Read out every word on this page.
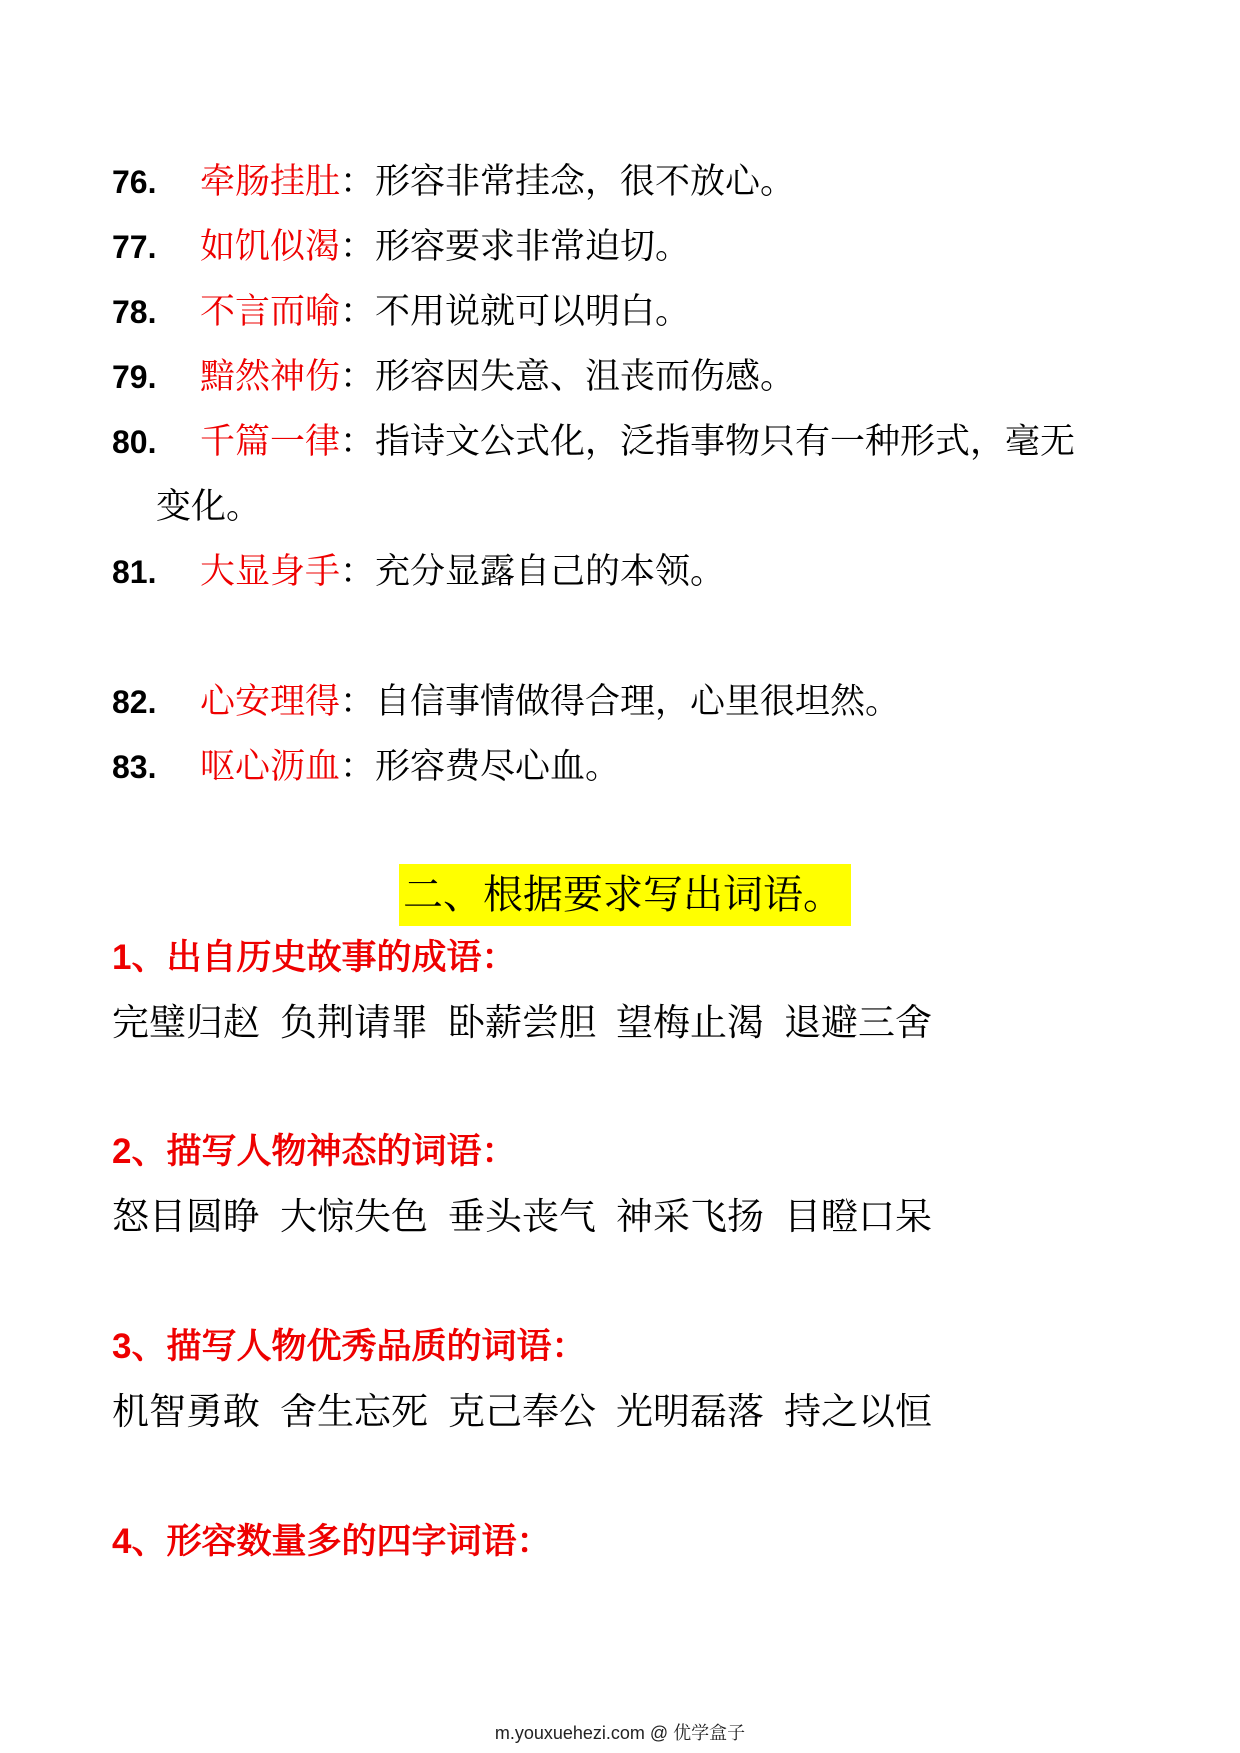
76. 牵肠挂肚：形容非常挂念，很不放心。
77. 如饥似渴：形容要求非常迫切。
78. 不言而喻：不用说就可以明白。
79. 黯然神伤：形容因失意、沮丧而伤感。
80. 千篇一律：指诗文公式化，泛指事物只有一种形式，毫无
变化。
81. 大显身手：充分显露自己的本领。
82. 心安理得：自信事情做得合理，心里很坦然。
83. 呕心沥血：形容费尽心血。
二、根据要求写出词语。
1、出自历史故事的成语：
完璧归赵 负荆请罪 卧薪尝胆 望梅止渴 退避三舍
2、描写人物神态的词语：
怒目圆睁 大惊失色 垂头丧气 神采飞扬 目瞪口呆
3、描写人物优秀品质的词语：
机智勇敢 舍生忘死 克己奉公 光明磊落 持之以恒
4、形容数量多的四字词语：
m.youxuehezi.com @ 优学盒子
